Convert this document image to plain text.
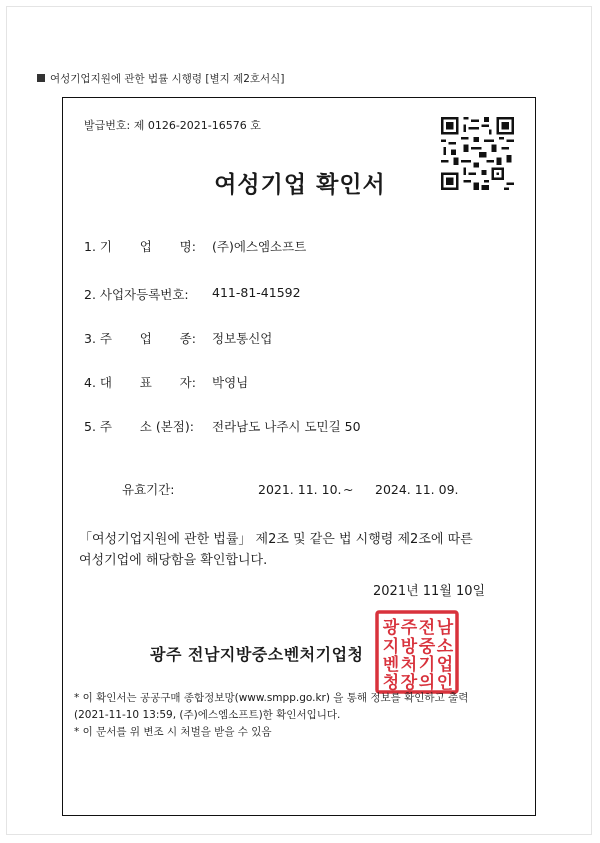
여성기업지원에 관한 법률 시행령 [별지 제2호서식]
발급번호: 제 0126-2021-16576 호
여성기업 확인서
1. 기       업       명: (주)에스엠소프트
2. 사업자등록번호: 411-81-41592
3. 주       업       종: 정보통신업
4. 대       표       자: 박영님
5. 주       소 (본점): 전라남도 나주시 도민길 50
유효기간:	2021. 11. 10. ~ 2024. 11. 09.
「여성기업지원에 관한 법률」 제2조 및 같은 법 시행령 제2조에 따른
여성기업에 해당함을 확인합니다.
2021년 11월 10일
광주 전남지방중소벤처기업청
광 주 전 남
지 방 중 소
벤 처 기 업
청 장 의 인
* 이 확인서는 공공구매 종합정보망(www.smpp.go.kr) 을 통해 정보를 확인하고 출력
(2021-11-10 13:59, (주)에스엠소프트)한 확인서입니다.
* 이 문서를 위 변조 시 처벌을 받을 수 있음
